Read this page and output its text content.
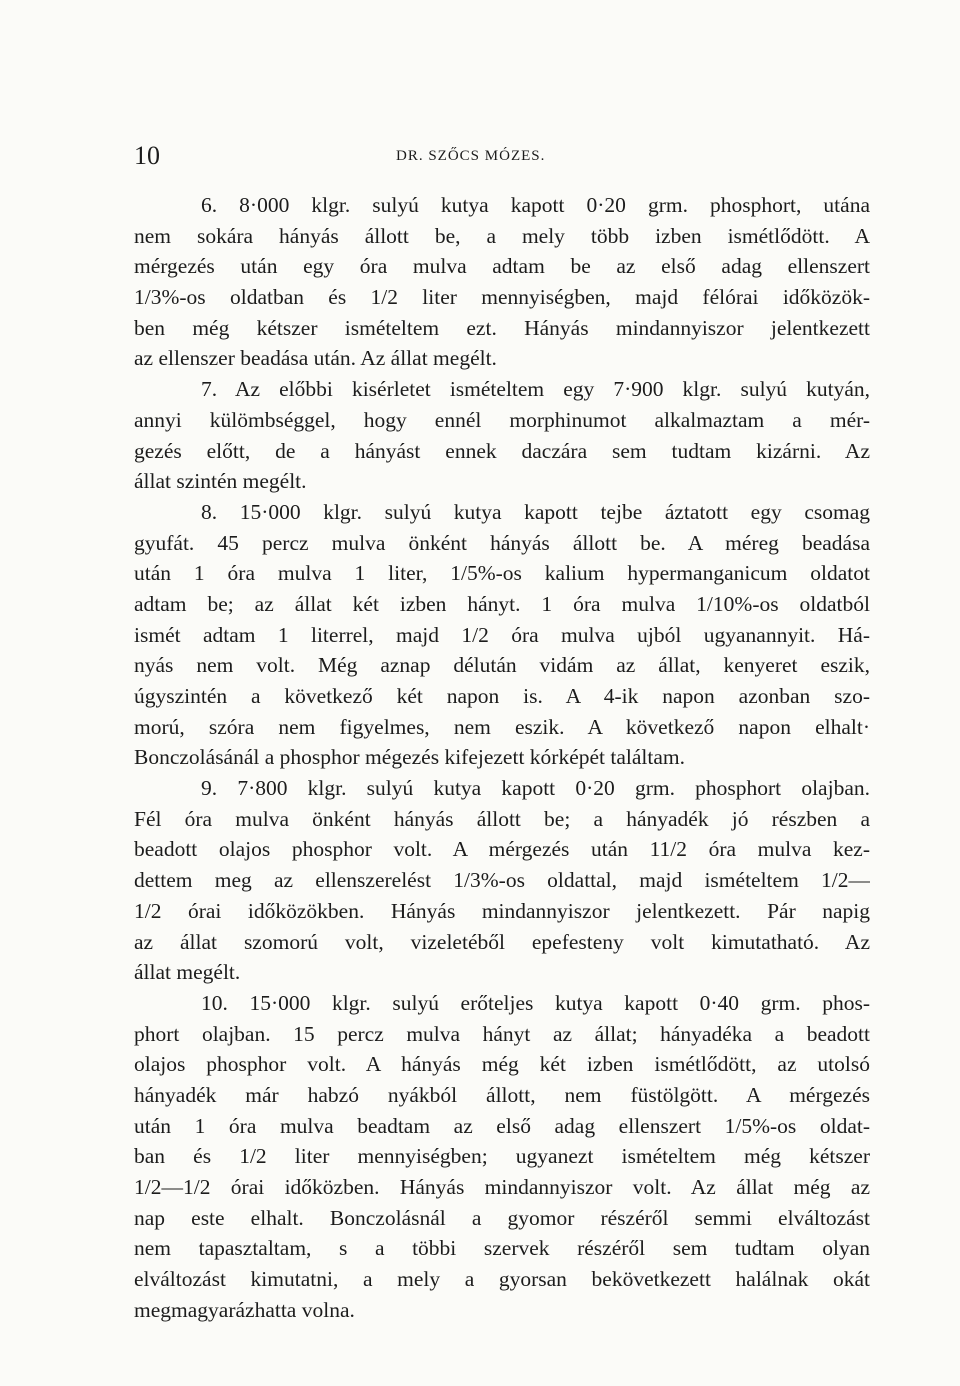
10	DR. SZŐCS MÓZES.
6. 8·000 klgr. sulyú kutya kapott 0·20 grm. phosphort, utána
nem sokára hányás állott be, a mely több izben ismétlődött. A
mérgezés után egy óra mulva adtam be az első adag ellenszert
1/3%-os oldatban és 1/2 liter mennyiségben, majd félórai időközök-
ben még kétszer ismételtem ezt. Hányás mindannyiszor jelentkezett
az ellenszer beadása után. Az állat megélt.
7. Az előbbi kisérletet ismételtem egy 7·900 klgr. sulyú kutyán,
annyi külömbséggel, hogy ennél morphinumot alkalmaztam a mér-
gezés előtt, de a hányást ennek daczára sem tudtam kizárni. Az
állat szintén megélt.
8. 15·000 klgr. sulyú kutya kapott tejbe áztatott egy csomag
gyufát. 45 percz mulva önként hányás állott be. A méreg beadása
után 1 óra mulva 1 liter, 1/5%-os kalium hypermanganicum oldatot
adtam be; az állat két izben hányt. 1 óra mulva 1/10%-os oldatból
ismét adtam 1 literrel, majd 1/2 óra mulva ujból ugyanannyit. Há-
nyás nem volt. Még aznap délután vidám az állat, kenyeret eszik,
úgyszintén a következő két napon is. A 4-ik napon azonban szo-
morú, szóra nem figyelmes, nem eszik. A következő napon elhalt·
Bonczolásánál a phosphor mégezés kifejezett kórképét találtam.
9. 7·800 klgr. sulyú kutya kapott 0·20 grm. phosphort olajban.
Fél óra mulva önként hányás állott be; a hányadék jó részben a
beadott olajos phosphor volt. A mérgezés után 11/2 óra mulva kez-
dettem meg az ellenszerelést 1/3%-os oldattal, majd ismételtem 1/2—
1/2 órai időközökben. Hányás mindannyiszor jelentkezett. Pár napig
az állat szomorú volt, vizeletéből epefesteny volt kimutatható. Az
állat megélt.
10. 15·000 klgr. sulyú erőteljes kutya kapott 0·40 grm. phos-
phort olajban. 15 percz mulva hányt az állat; hányadéka a beadott
olajos phosphor volt. A hányás még két izben ismétlődött, az utolsó
hányadék már habzó nyákból állott, nem füstölgött. A mérgezés
után 1 óra mulva beadtam az első adag ellenszert 1/5%-os oldat-
ban és 1/2 liter mennyiségben; ugyanezt ismételtem még kétszer
1/2—1/2 órai időközben. Hányás mindannyiszor volt. Az állat még az
nap este elhalt. Bonczolásnál a gyomor részéről semmi elváltozást
nem tapasztaltam, s a többi szervek részéről sem tudtam olyan
elváltozást kimutatni, a mely a gyorsan bekövetkezett halálnak okát
megmagyarázhatta volna.
